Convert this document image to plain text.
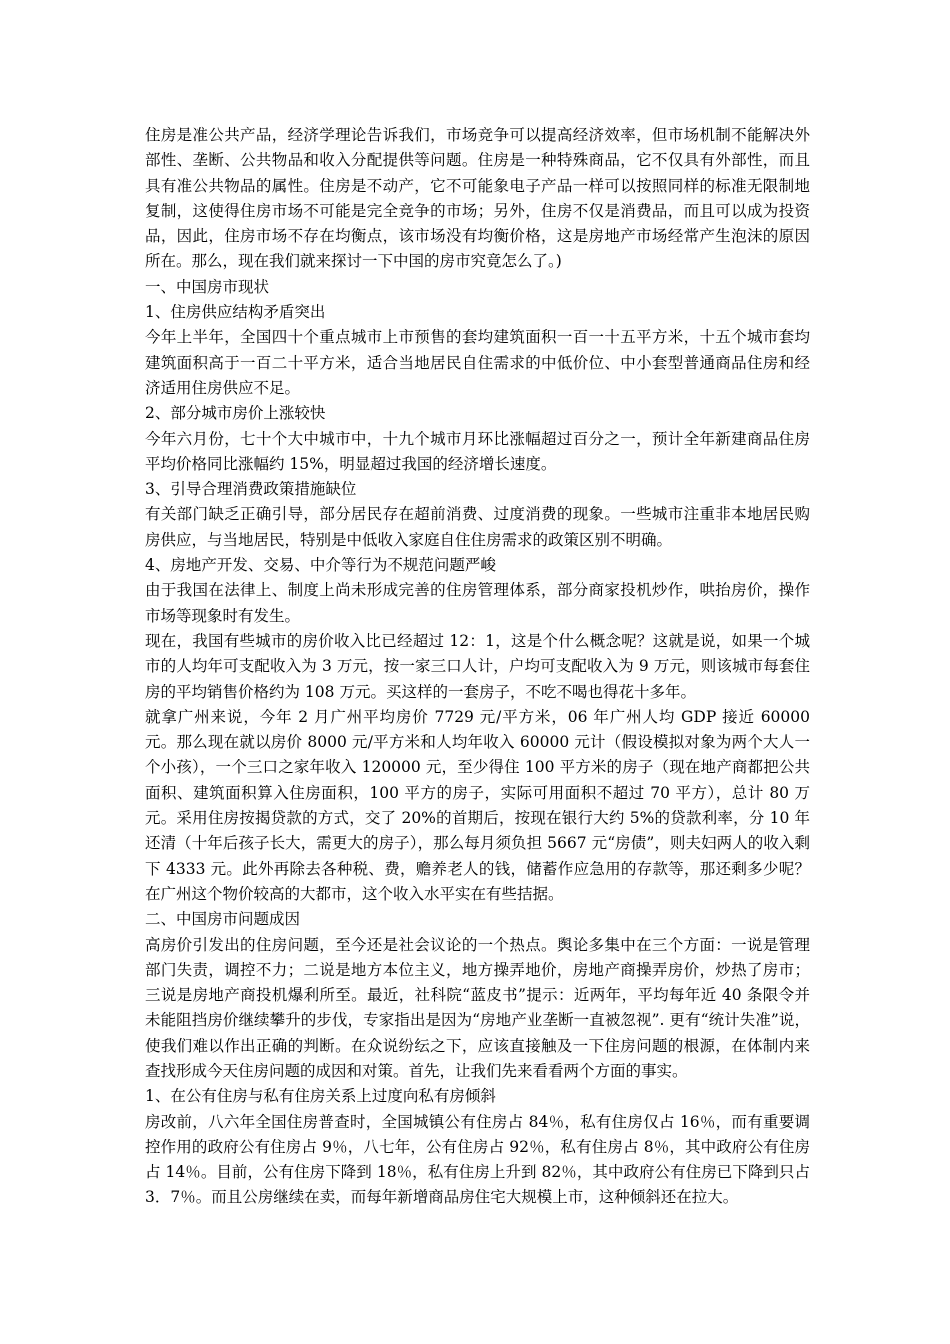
住房是准公共产品，经济学理论告诉我们，市场竞争可以提高经济效率，但市场机制不能解决外部性、垄断、公共物品和收入分配提供等问题。住房是一种特殊商品，它不仅具有外部性，而且具有准公共物品的属性。住房是不动产，它不可能象电子产品一样可以按照同样的标准无限制地复制，这使得住房市场不可能是完全竞争的市场；另外，住房不仅是消费品，而且可以成为投资品，因此，住房市场不存在均衡点，该市场没有均衡价格，这是房地产市场经常产生泡沫的原因所在。那么，现在我们就来探讨一下中国的房市究竟怎么了。)

一、中国房市现状

1、住房供应结构矛盾突出

今年上半年，全国四十个重点城市上市预售的套均建筑面积一百一十五平方米，十五个城市套均建筑面积高于一百二十平方米，适合当地居民自住需求的中低价位、中小套型普通商品住房和经济适用住房供应不足。

2、部分城市房价上涨较快

今年六月份，七十个大中城市中，十九个城市月环比涨幅超过百分之一，预计全年新建商品住房平均价格同比涨幅约 15%，明显超过我国的经济增长速度。

3、引导合理消费政策措施缺位

有关部门缺乏正确引导，部分居民存在超前消费、过度消费的现象。一些城市注重非本地居民购房供应，与当地居民，特别是中低收入家庭自住住房需求的政策区别不明确。

4、房地产开发、交易、中介等行为不规范问题严峻

由于我国在法律上、制度上尚未形成完善的住房管理体系，部分商家投机炒作，哄抬房价，操作市场等现象时有发生。

现在，我国有些城市的房价收入比已经超过 12：1，这是个什么概念呢？这就是说，如果一个城市的人均年可支配收入为 3 万元，按一家三口人计，户均可支配收入为 9 万元，则该城市每套住房的平均销售价格约为 108 万元。买这样的一套房子，不吃不喝也得花十多年。

就拿广州来说，今年 2 月广州平均房价 7729 元/平方米，06 年广州人均 GDP 接近 60000 元。那么现在就以房价 8000 元/平方米和人均年收入 60000 元计（假设模拟对象为两个大人一个小孩），一个三口之家年收入 120000 元，至少得住 100 平方米的房子（现在地产商都把公共面积、建筑面积算入住房面积，100 平方的房子，实际可用面积不超过 70 平方），总计 80 万元。采用住房按揭贷款的方式，交了 20%的首期后，按现在银行大约 5%的贷款利率，分 10 年还清（十年后孩子长大，需更大的房子），那么每月须负担 5667 元“房债”，则夫妇两人的收入剩下 4333 元。此外再除去各种税、费，赡养老人的钱，储蓄作应急用的存款等，那还剩多少呢？在广州这个物价较高的大都市，这个收入水平实在有些拮据。

二、中国房市问题成因

高房价引发出的住房问题，至今还是社会议论的一个热点。舆论多集中在三个方面：一说是管理部门失责，调控不力；二说是地方本位主义，地方操弄地价，房地产商操弄房价，炒热了房市；三说是房地产商投机爆利所至。最近，社科院“蓝皮书”提示：近两年，平均每年近 40 条限令并未能阻挡房价继续攀升的步伐，专家指出是因为“房地产业垄断一直被忽视”. 更有“统计失准”说，使我们难以作出正确的判断。在众说纷纭之下，应该直接触及一下住房问题的根源，在体制内来查找形成今天住房问题的成因和对策。首先，让我们先来看看两个方面的事实。

1、在公有住房与私有住房关系上过度向私有房倾斜

房改前，八六年全国住房普查时，全国城镇公有住房占 84％，私有住房仅占 16％，而有重要调控作用的政府公有住房占 9％，八七年，公有住房占 92％，私有住房占 8％，其中政府公有住房占 14％。目前，公有住房下降到 18％，私有住房上升到 82％，其中政府公有住房已下降到只占 3．7％。而且公房继续在卖，而每年新增商品房住宅大规模上市，这种倾斜还在拉大。
